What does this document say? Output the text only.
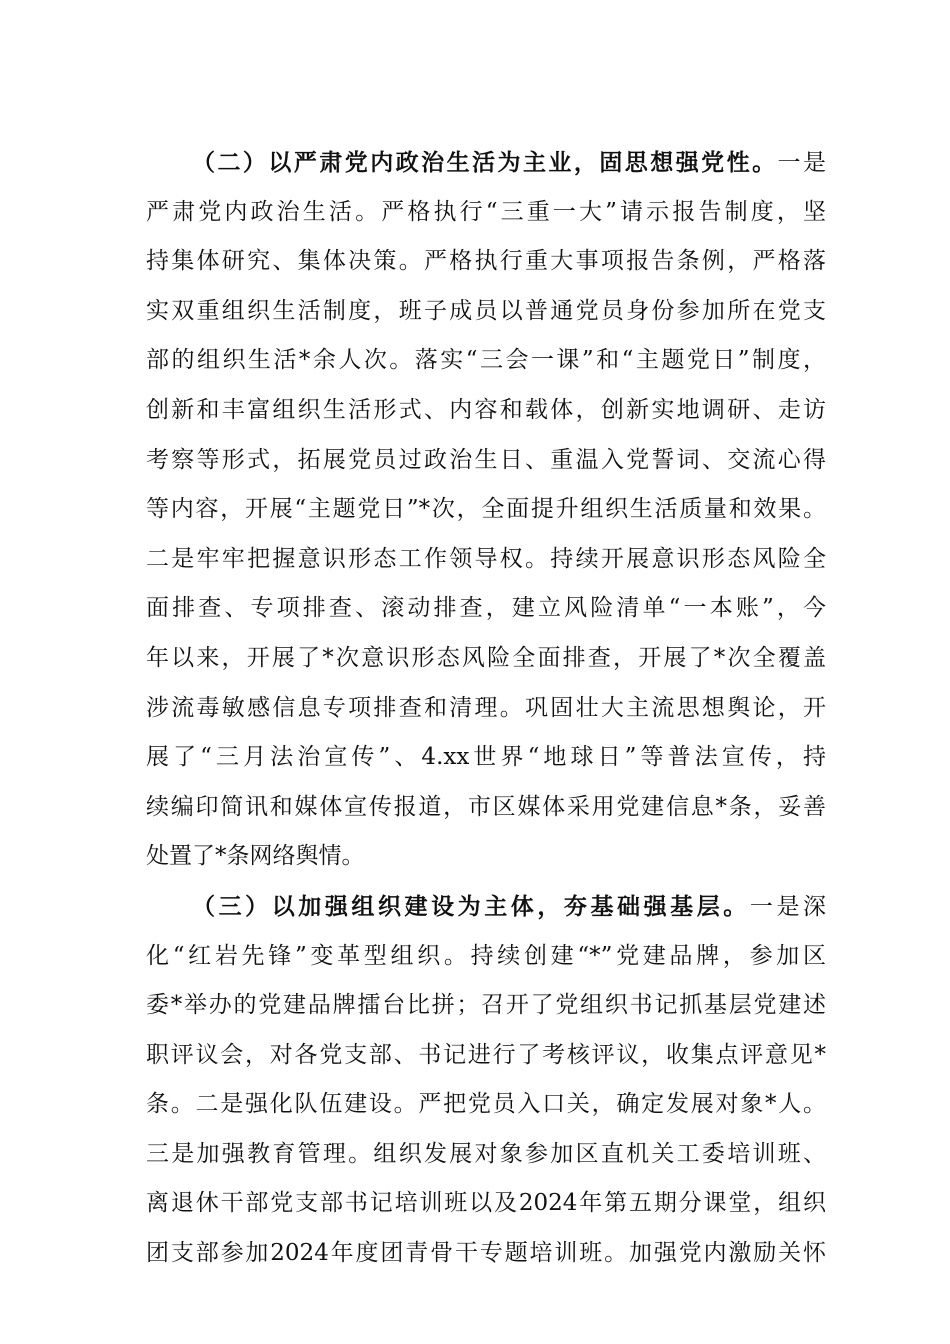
（二）以严肃党内政治生活为主业，固思想强党性。一是
严肃党内政治生活。严格执行“三重一大”请示报告制度，坚
持集体研究、集体决策。严格执行重大事项报告条例，严格落
实双重组织生活制度，班子成员以普通党员身份参加所在党支
部的组织生活*余人次。落实“三会一课”和“主题党日”制度，
创新和丰富组织生活形式、内容和载体，创新实地调研、走访
考察等形式，拓展党员过政治生日、重温入党誓词、交流心得
等内容，开展“主题党日”*次，全面提升组织生活质量和效果。
二是牢牢把握意识形态工作领导权。持续开展意识形态风险全
面排查、专项排查、滚动排查，建立风险清单“一本账”，今
年以来，开展了*次意识形态风险全面排查，开展了*次全覆盖
涉流毒敏感信息专项排查和清理。巩固壮大主流思想舆论，开
展了“三月法治宣传”、4.xx世界“地球日”等普法宣传，持
续编印简讯和媒体宣传报道，市区媒体采用党建信息*条，妥善
处置了*条网络舆情。
（三）以加强组织建设为主体，夯基础强基层。一是深
化“红岩先锋”变革型组织。持续创建“*”党建品牌，参加区
委*举办的党建品牌擂台比拼；召开了党组织书记抓基层党建述
职评议会，对各党支部、书记进行了考核评议，收集点评意见*
条。二是强化队伍建设。严把党员入口关，确定发展对象*人。
三是加强教育管理。组织发展对象参加区直机关工委培训班、
离退休干部党支部书记培训班以及2024年第五期分课堂，组织
团支部参加2024年度团青骨干专题培训班。加强党内激励关怀
